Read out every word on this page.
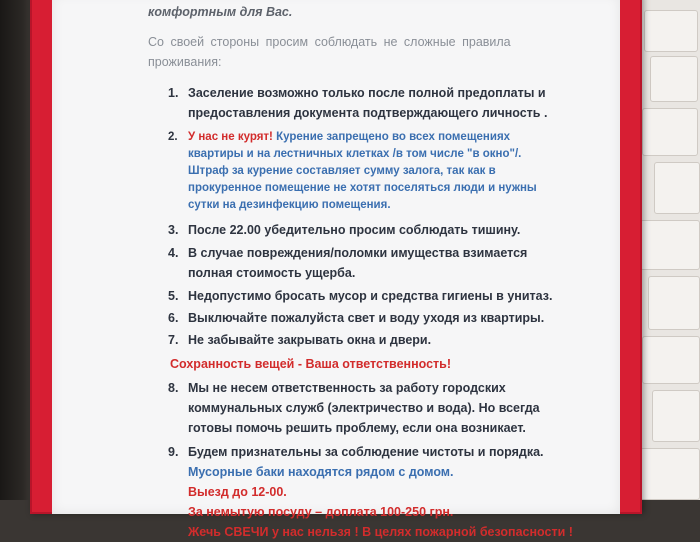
комфортным для Вас.
Со своей стороны просим соблюдать не сложные правила
проживания:
1. Заселение возможно только после полной предоплаты и
предоставления документа подтверждающего личность .
2. У нас не курят! Курение запрещено во всех помещениях
квартиры и на лестничных клетках /в том числе "в окно"/.
Штраф за курение составляет сумму залога, так как в
прокуренное помещение не хотят поселяться люди и нужны
сутки на дезинфекцию помещения.
3. После 22.00 убедительно просим соблюдать тишину.
4. В случае повреждения/поломки имущества взимается
полная стоимость ущерба.
5. Недопустимо бросать мусор и средства гигиены в унитаз.
6. Выключайте пожалуйста свет и воду уходя из квартиры.
7. Не забывайте закрывать окна и двери.
Сохранность вещей - Ваша ответственность!
8. Мы не несем ответственность за работу городских
коммунальных служб (электричество и вода). Но всегда
готовы помочь решить проблему, если она возникает.
9. Будем признательны за соблюдение чистоты и порядка.
Мусорные баки находятся рядом с домом.
Выезд до 12-00.
За немытую посуду – доплата 100-250 грн.
Жечь СВЕЧИ у нас нельзя ! В целях пожарной безопасности !
